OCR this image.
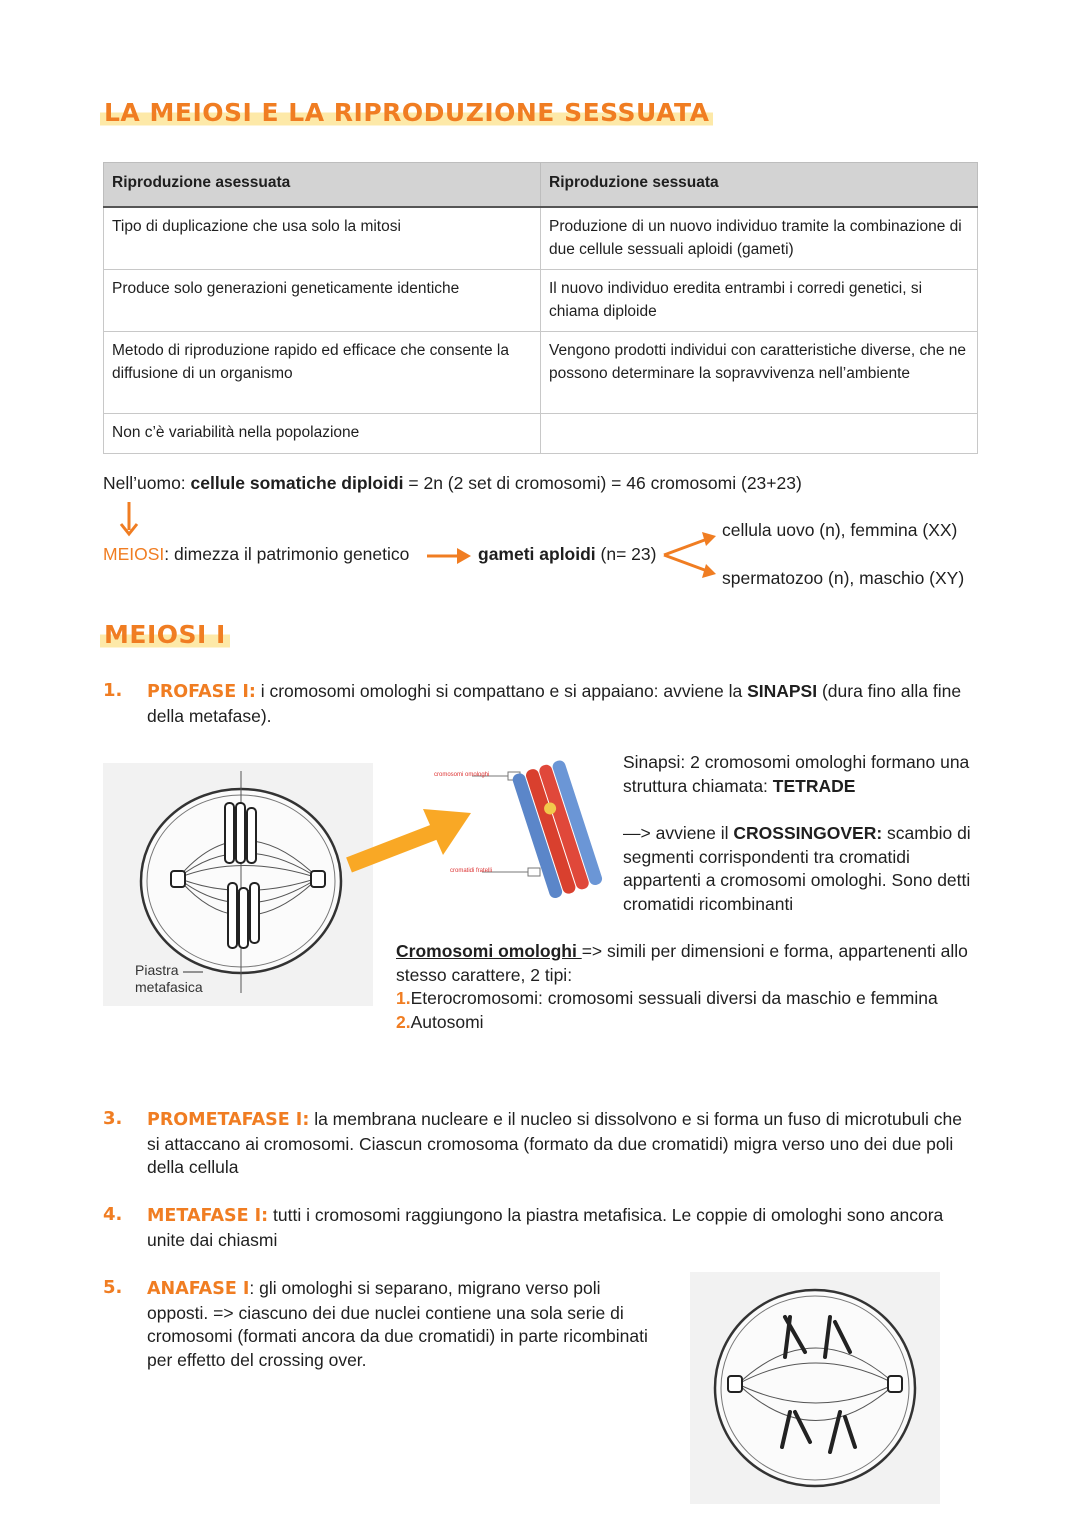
LA MEIOSI E LA RIPRODUZIONE SESSUATA
Riproduzione asessuata	Riproduzione sessuata
Tipo di duplicazione che usa solo la mitosi	Produzione di un nuovo individuo tramite la combinazione di due cellule sessuali aploidi (gameti)
Produce solo generazioni geneticamente identiche	Il nuovo individuo eredita entrambi i corredi genetici, si chiama diploide
Metodo di riproduzione rapido ed efficace che consente la diffusione di un organismo	Vengono prodotti individui con caratteristiche diverse, che ne possono determinare la sopravvivenza nell’ambiente
Non c’è variabilità nella popolazione	
Nell’uomo: cellule somatiche diploidi = 2n (2 set di cromosomi) = 46 cromosomi (23+23)
MEIOSI: dimezza il patrimonio genetico	gameti aploidi (n= 23)
cellula uovo (n), femmina (XX)
spermatozoo (n), maschio (XY)
MEIOSI I
1. PROFASE I: i cromosomi omologhi si compattano e si appaiano: avviene la SINAPSI (dura fino alla fine della metafase).
Piastra
metafasica
cromosomi omologhi
cromatidi fratelli
Sinapsi: 2 cromosomi omologhi formano una struttura chiamata: TETRADE
—> avviene il CROSSINGOVER: scambio di segmenti corrispondenti tra cromatidi appartenti a cromosomi omologhi. Sono detti cromatidi ricombinanti
Cromosomi omologhi => simili per dimensioni e forma, appartenenti allo stesso carattere, 2 tipi:
1.Eterocromosomi: cromosomi sessuali diversi da maschio e femmina
2.Autosomi
3. PROMETAFASE I: la membrana nucleare e il nucleo si dissolvono e si forma un fuso di microtubuli che si attaccano ai cromosomi. Ciascun cromosoma (formato da due cromatidi) migra verso uno dei due poli della cellula
4. METAFASE I: tutti i cromosomi raggiungono la piastra metafisica. Le coppie di omologhi sono ancora unite dai chiasmi
5. ANAFASE I: gli omologhi si separano, migrano verso poli opposti. => ciascuno dei due nuclei contiene una sola serie di cromosomi (formati ancora da due cromatidi) in parte ricombinati per effetto del crossing over.
